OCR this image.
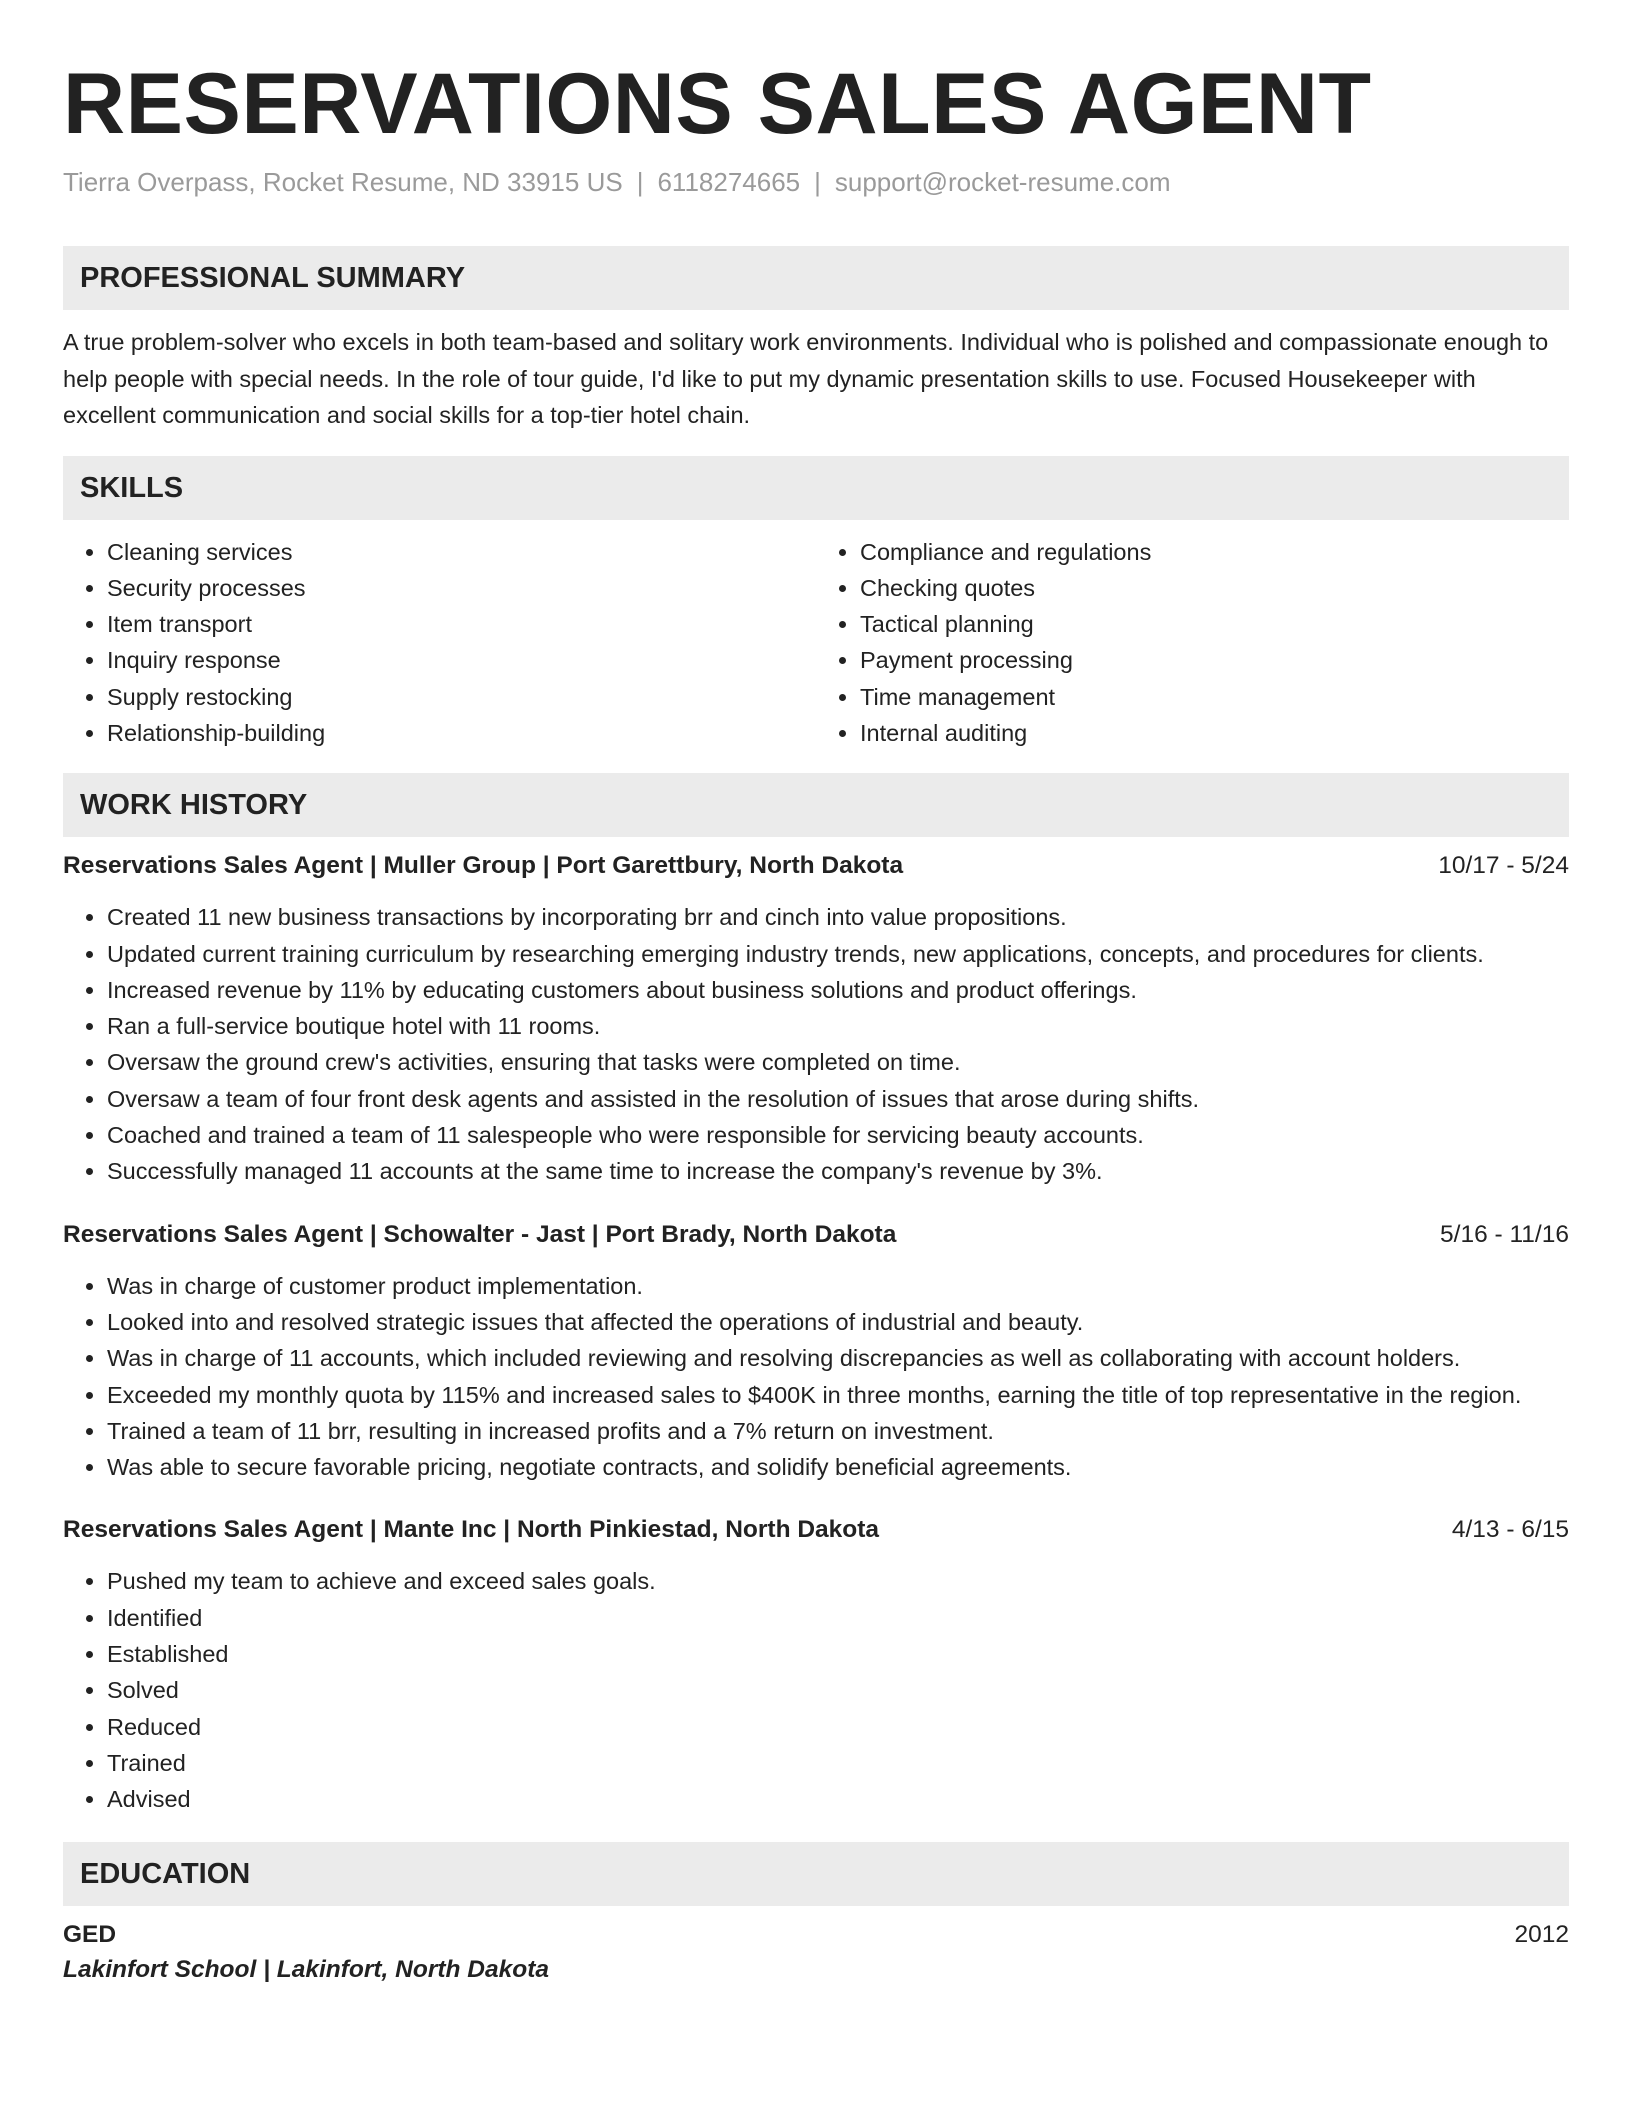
RESERVATIONS SALES AGENT
Tierra Overpass, Rocket Resume, ND 33915 US | 6118274665 | support@rocket-resume.com
PROFESSIONAL SUMMARY

A true problem-solver who excels in both team-based and solitary work environments. Individual who is polished and compassionate enough to help people with special needs. In the role of tour guide, I'd like to put my dynamic presentation skills to use. Focused Housekeeper with excellent communication and social skills for a top-tier hotel chain.

SKILLS
• Cleaning services
• Security processes
• Item transport
• Inquiry response
• Supply restocking
• Relationship-building
• Compliance and regulations
• Checking quotes
• Tactical planning
• Payment processing
• Time management
• Internal auditing
WORK HISTORY
Reservations Sales Agent | Muller Group | Port Garettbury, North Dakota	10/17 - 5/24
• Created 11 new business transactions by incorporating brr and cinch into value propositions.
• Updated current training curriculum by researching emerging industry trends, new applications, concepts, and procedures for clients.
• Increased revenue by 11% by educating customers about business solutions and product offerings.
• Ran a full-service boutique hotel with 11 rooms.
• Oversaw the ground crew's activities, ensuring that tasks were completed on time.
• Oversaw a team of four front desk agents and assisted in the resolution of issues that arose during shifts.
• Coached and trained a team of 11 salespeople who were responsible for servicing beauty accounts.
• Successfully managed 11 accounts at the same time to increase the company's revenue by 3%.
Reservations Sales Agent | Schowalter - Jast | Port Brady, North Dakota	5/16 - 11/16
• Was in charge of customer product implementation.
• Looked into and resolved strategic issues that affected the operations of industrial and beauty.
• Was in charge of 11 accounts, which included reviewing and resolving discrepancies as well as collaborating with account holders.
• Exceeded my monthly quota by 115% and increased sales to $400K in three months, earning the title of top representative in the region.
• Trained a team of 11 brr, resulting in increased profits and a 7% return on investment.
• Was able to secure favorable pricing, negotiate contracts, and solidify beneficial agreements.
Reservations Sales Agent | Mante Inc | North Pinkiestad, North Dakota	4/13 - 6/15
• Pushed my team to achieve and exceed sales goals.
• Identified
• Established
• Solved
• Reduced
• Trained
• Advised
EDUCATION
GED	2012
Lakinfort School | Lakinfort, North Dakota
